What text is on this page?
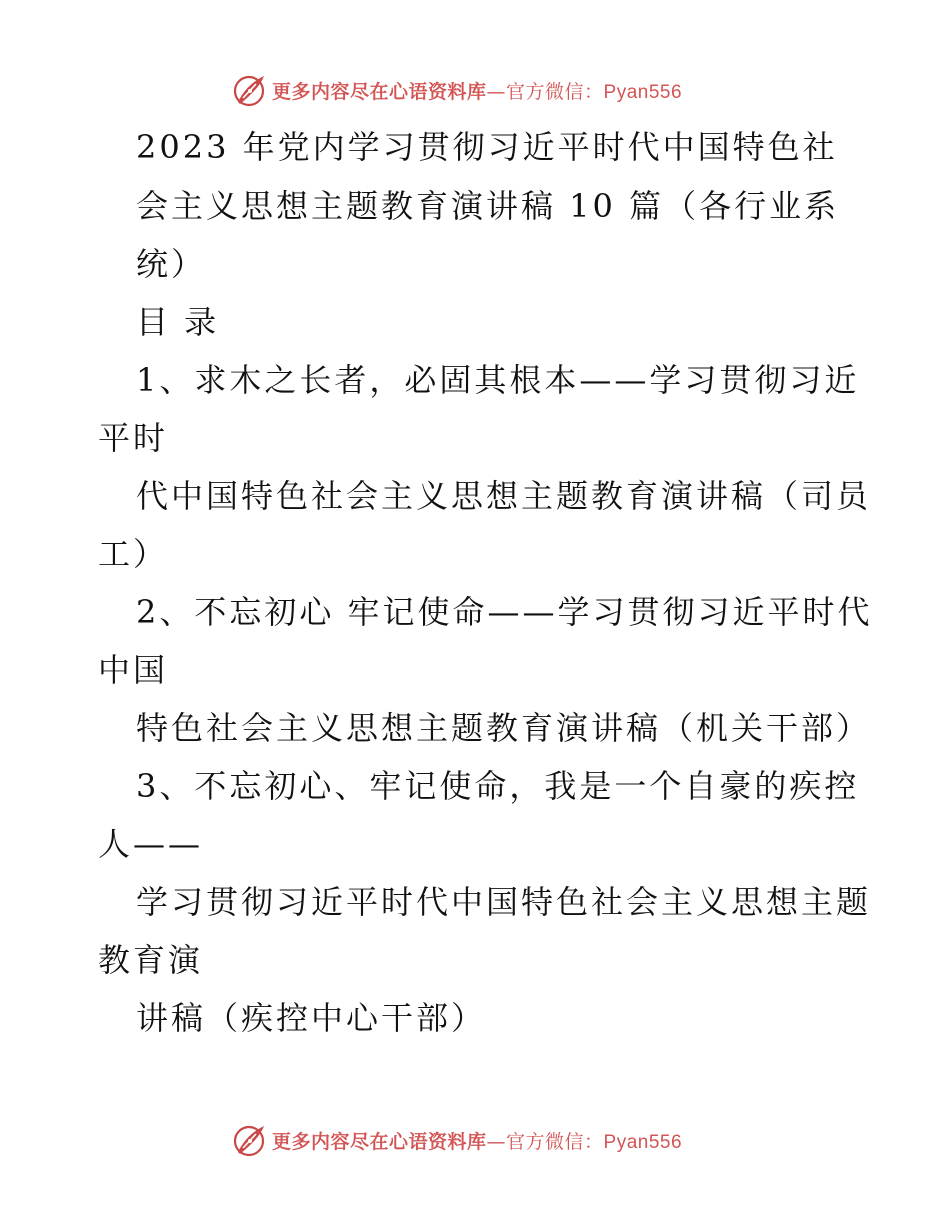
更多内容尽在心语资料库—官方微信：Pyan556
2023 年党内学习贯彻习近平时代中国特色社
会主义思想主题教育演讲稿 10 篇（各行业系
统）
目 录
1、求木之长者，必固其根本——学习贯彻习近
平时
代中国特色社会主义思想主题教育演讲稿（司员
工）
2、不忘初心 牢记使命——学习贯彻习近平时代
中国
特色社会主义思想主题教育演讲稿（机关干部）
3、不忘初心、牢记使命，我是一个自豪的疾控
人——
学习贯彻习近平时代中国特色社会主义思想主题
教育演
讲稿（疾控中心干部）
更多内容尽在心语资料库—官方微信：Pyan556
